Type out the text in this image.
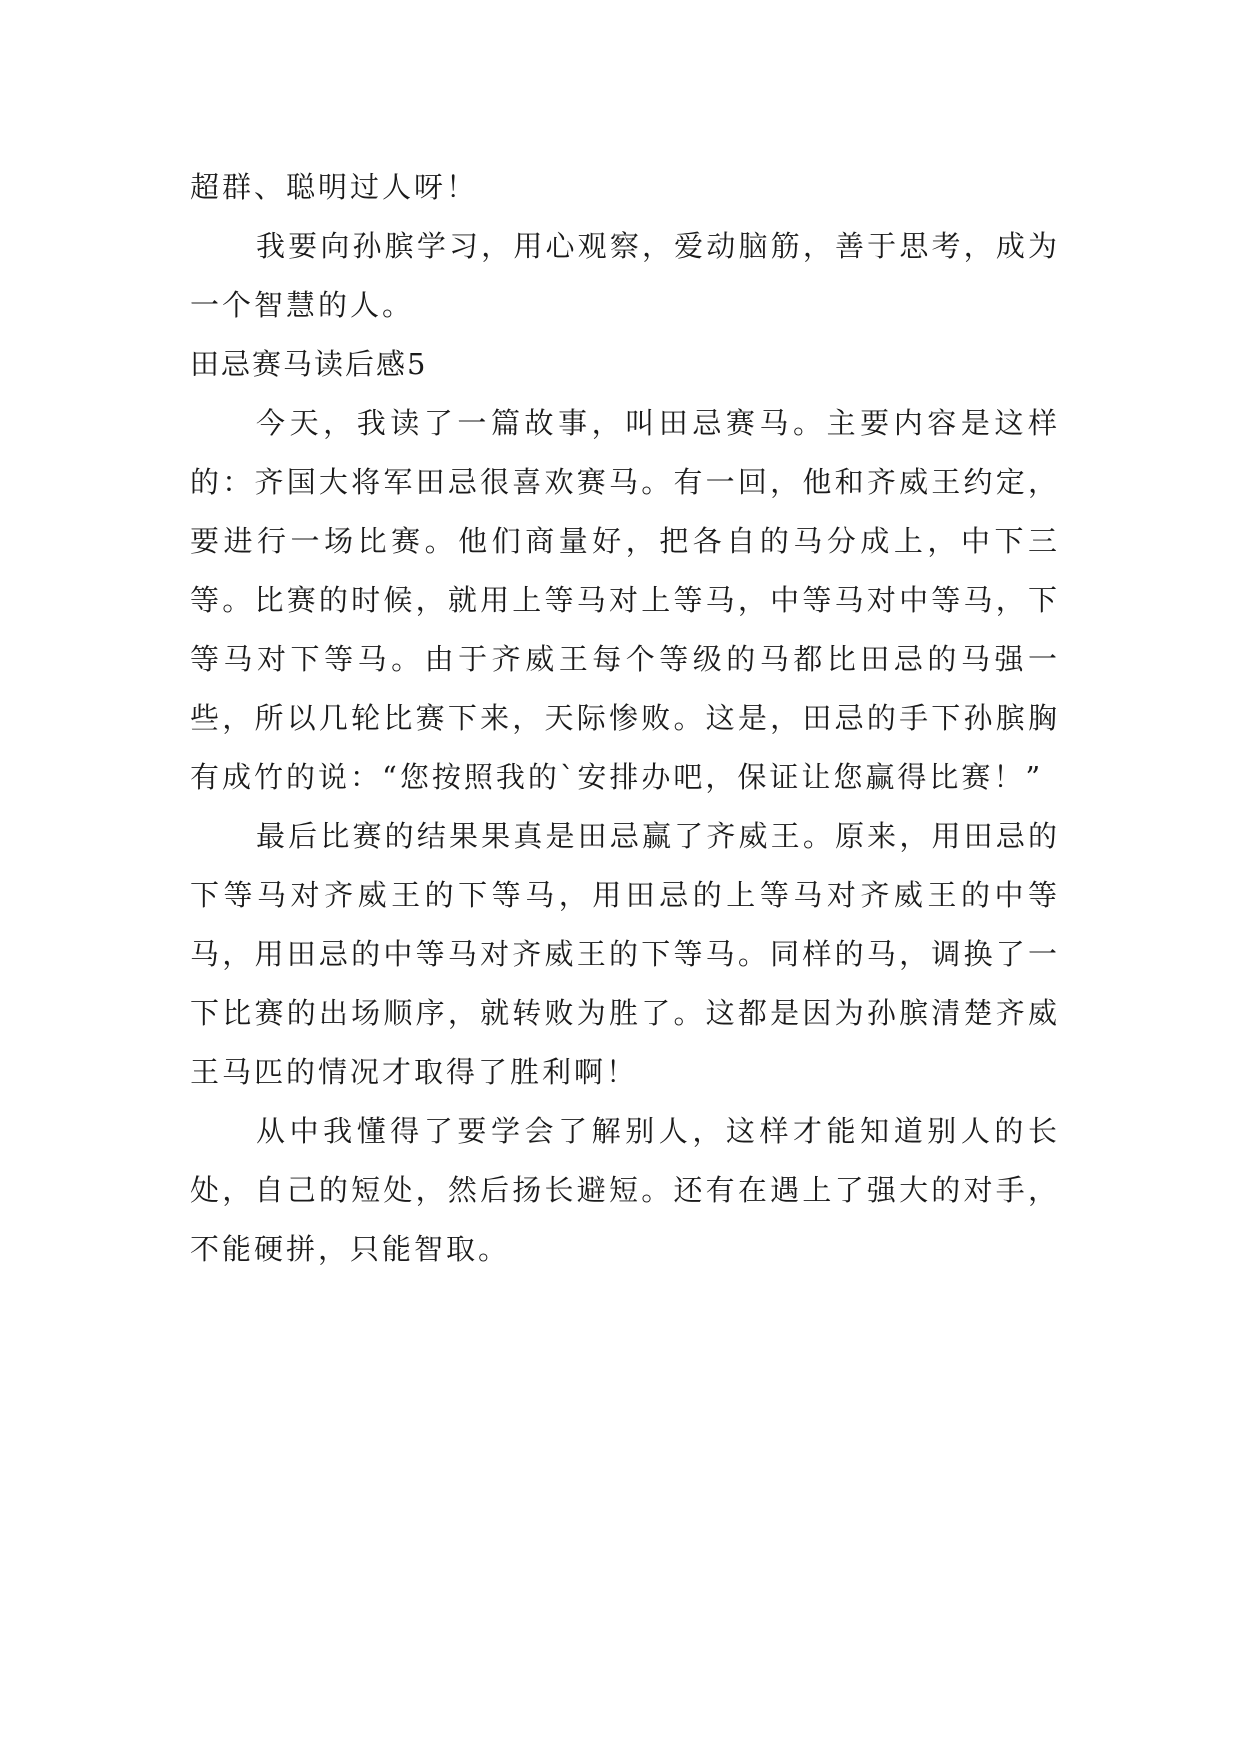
超群、聪明过人呀！

我要向孙膑学习，用心观察，爱动脑筋，善于思考，成为一个智慧的人。

田忌赛马读后感5

今天，我读了一篇故事，叫田忌赛马。主要内容是这样的：齐国大将军田忌很喜欢赛马。有一回，他和齐威王约定，要进行一场比赛。他们商量好，把各自的马分成上，中下三等。比赛的时候，就用上等马对上等马，中等马对中等马，下等马对下等马。由于齐威王每个等级的马都比田忌的马强一些，所以几轮比赛下来，天际惨败。这是，田忌的手下孙膑胸有成竹的说：“您按照我的`安排办吧，保证让您赢得比赛！”

最后比赛的结果果真是田忌赢了齐威王。原来，用田忌的下等马对齐威王的下等马，用田忌的上等马对齐威王的中等马，用田忌的中等马对齐威王的下等马。同样的马，调换了一下比赛的出场顺序，就转败为胜了。这都是因为孙膑清楚齐威王马匹的情况才取得了胜利啊！

从中我懂得了要学会了解别人，这样才能知道别人的长处，自己的短处，然后扬长避短。还有在遇上了强大的对手，不能硬拼，只能智取。
